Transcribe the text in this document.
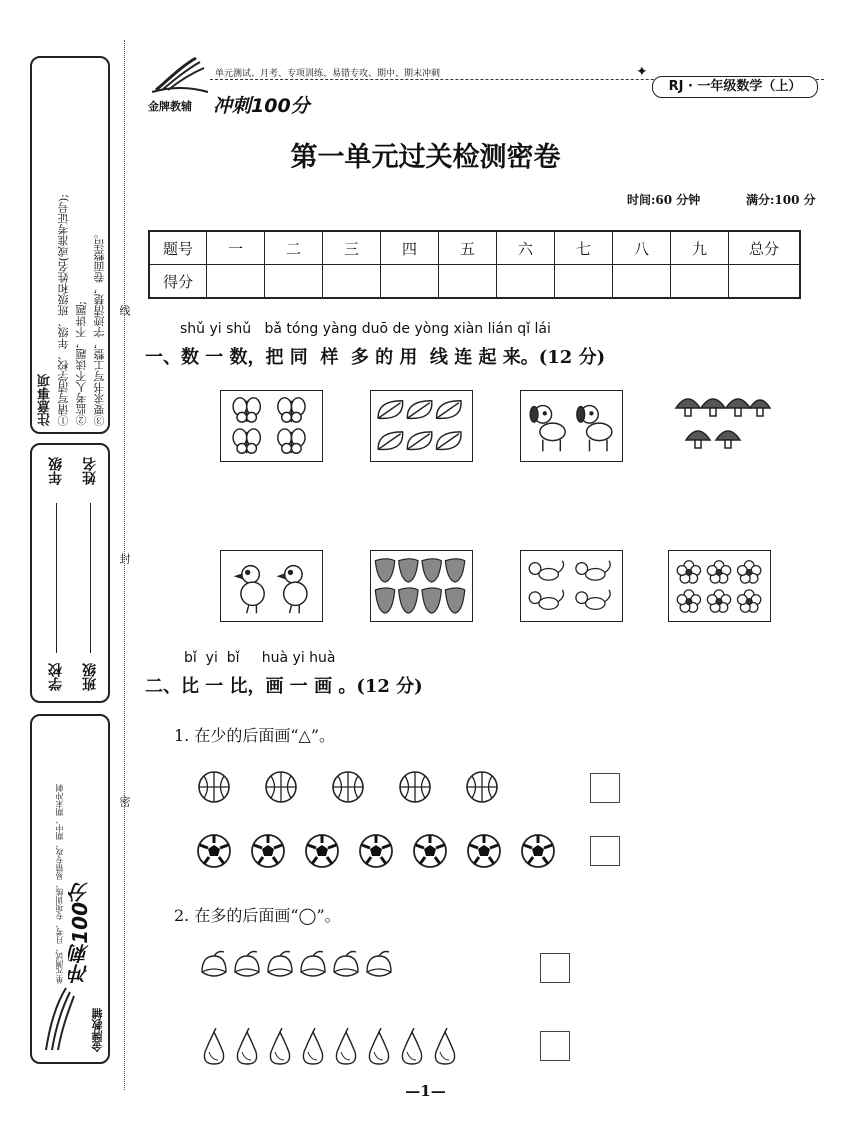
注意事项 ①请写清学校、年级、班级和姓名(或准考证号); ②监考人不读题，不讲题; ③要求书写工整，字迹清楚，卷面整洁。
学校
年级
班级
姓名
单元测试、月考、专项训练、易错专攻、期中、期末冲刺 冲刺100分
金牌教辅
线
封
密
单元测试、月考、专项训练、易错专攻、期中、期末冲刺	✦
RJ · 一年级数学（上）
金牌教辅 冲刺100分
第一单元过关检测密卷
时间:60 分钟	满分:100 分
题号	一	二	三	四	五	六	七	八	九	总分
得分										
shǔ yi shǔ   bǎ tóng yàng duō de yòng xiàn lián qǐ lái
一、数 一 数，把 同  样  多 的 用  线 连 起 来。(12 分)
bǐ  yi  bǐ     huà yi huà
二、比 一 比，画 一 画 。(12 分)
1. 在少的后面画“△”。
2. 在多的后面画“◯”。
—1—
